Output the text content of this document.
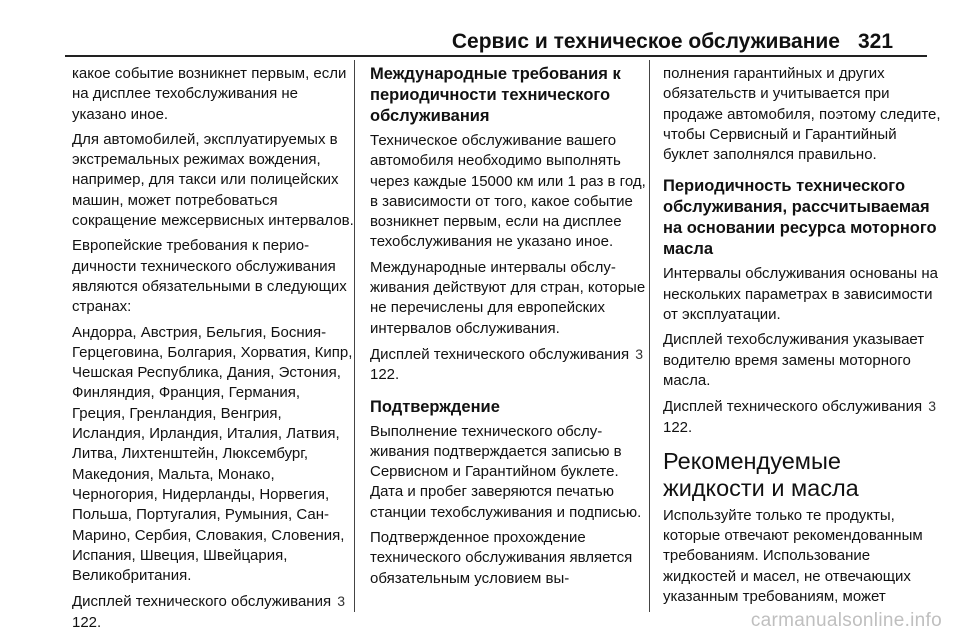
Сервис и техническое обслуживание 321

какое событие возникнет первым, если на дисплее техобслуживания не указано иное.

Для автомобилей, эксплуатируемых в экстремальных режимах вождения, например, для такси или полицейских машин, может потребоваться сокращение межсервисных интервалов.

Европейские требования к периодичности технического обслуживания являются обязательными в следующих странах:

Андорра, Австрия, Бельгия, Босния-Герцеговина, Болгария, Хорватия, Кипр, Чешская Республика, Дания, Эстония, Финляндия, Франция, Германия, Греция, Гренландия, Венгрия, Исландия, Ирландия, Италия, Латвия, Литва, Лихтенштейн, Люксембург, Македония, Мальта, Монако, Черногория, Нидерланды, Норвегия, Польша, Португалия, Румыния, Сан-Марино, Сербия, Словакия, Словения, Испания, Швеция, Швейцария, Великобритания.

Дисплей технического обслуживания 3122.

Международные требования к периодичности технического обслуживания

Техническое обслуживание вашего автомобиля необходимо выполнять через каждые 15000 км или 1 раз в год, в зависимости от того, какое событие возникнет первым, если на дисплее техобслуживания не указано иное.

Международные интервалы обслуживания действуют для стран, которые не перечислены для европейских интервалов обслуживания.

Дисплей технического обслуживания 3122.

Подтверждение

Выполнение технического обслуживания подтверждается записью в Сервисном и Гарантийном буклете. Дата и пробег заверяются печатью станции техобслуживания и подписью.

Подтвержденное прохождение технического обслуживания является обязательным условием вы-

полнения гарантийных и других обязательств и учитывается при продаже автомобиля, поэтому следите, чтобы Сервисный и Гарантийный буклет заполнялся правильно.

Периодичность технического обслуживания, рассчитываемая на основании ресурса моторного масла

Интервалы обслуживания основаны на нескольких параметрах в зависимости от эксплуатации.

Дисплей техобслуживания указывает водителю время замены моторного масла.

Дисплей технического обслуживания 3122.

Рекомендуемые жидкости и масла

Используйте только те продукты, которые отвечают рекомендованным требованиям. Использование жидкостей и масел, не отвечающих указанным требованиям, может

carmanualsonline.info
